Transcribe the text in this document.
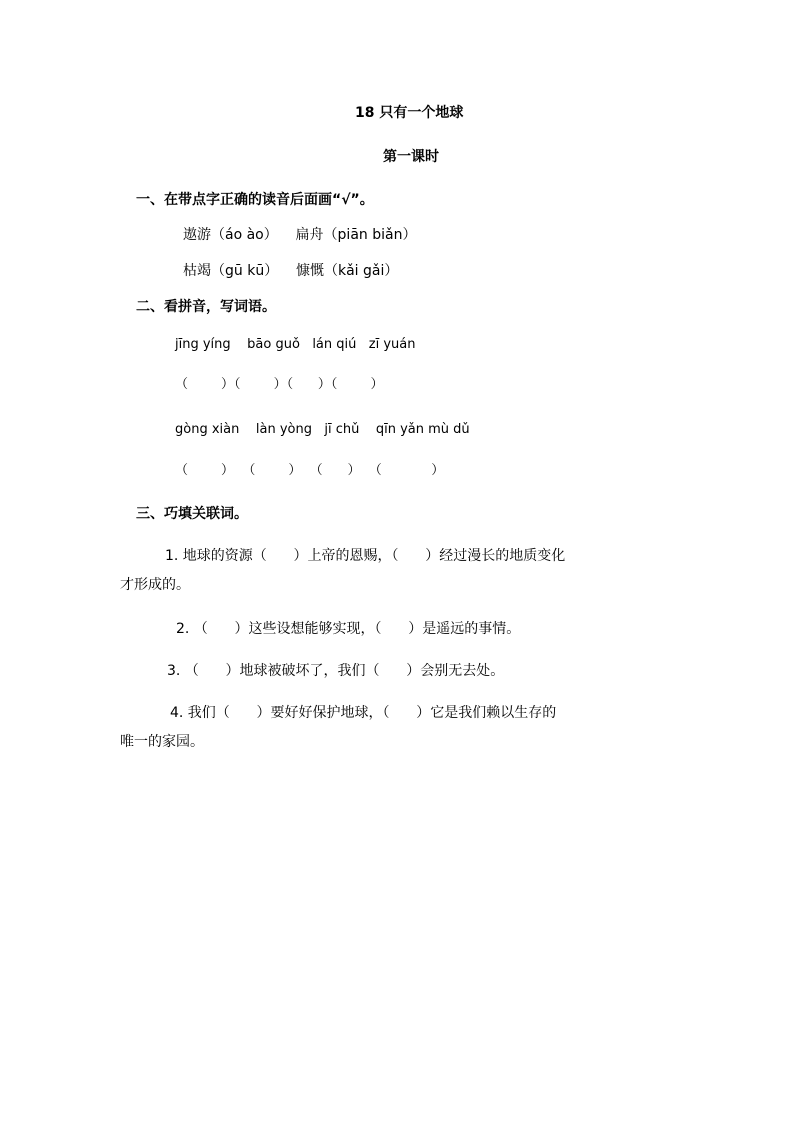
18 只有一个地球
第一课时
一、在带点字正确的读音后面画“√”。
遨游（áo ào）    扁舟（piān biǎn）
枯竭（gū kū）    慷慨（kǎi gǎi）
二、看拼音，写词语。
jīng yíng    bāo guǒ   lán qiú   zī yuán
（        ）（        ）（      ）（        ）
gòng xiàn    làn yòng   jī chǔ    qīn yǎn mù dǔ
（        ）  （        ）  （      ）  （            ）
三、巧填关联词。
1. 地球的资源（      ）上帝的恩赐，（      ）经过漫长的地质变化
才形成的。
2. （      ）这些设想能够实现，（      ）是遥远的事情。
3. （      ）地球被破坏了，我们（      ）会别无去处。
4. 我们（      ）要好好保护地球，（      ）它是我们赖以生存的
唯一的家园。
